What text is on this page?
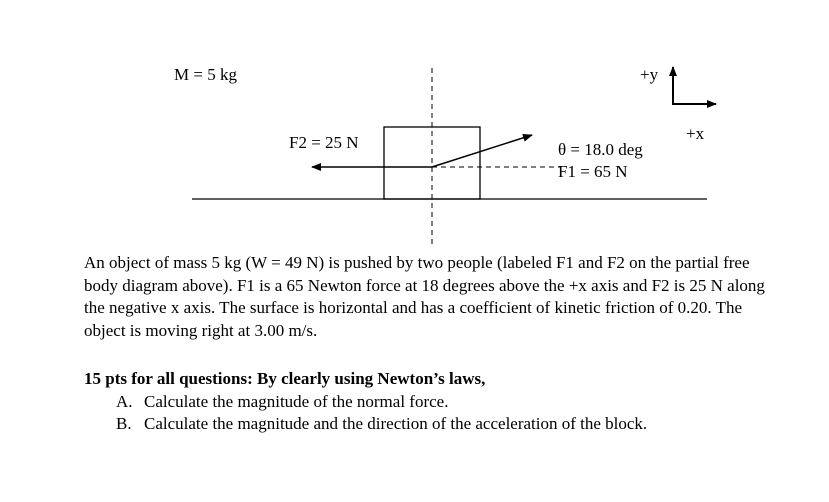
M = 5 kg
F2 = 25 N	θ = 18.0 deg
F1 = 65 N
+y
+x

An object of mass 5 kg (W = 49 N) is pushed by two people (labeled F1 and F2 on the partial free body diagram above). F1 is a 65 Newton force at 18 degrees above the +x axis and F2 is 25 N along the negative x axis. The surface is horizontal and has a coefficient of kinetic friction of 0.20. The object is moving right at 3.00 m/s.

15 pts for all questions: By clearly using Newton’s laws,

A. Calculate the magnitude of the normal force.
B. Calculate the magnitude and the direction of the acceleration of the block.
